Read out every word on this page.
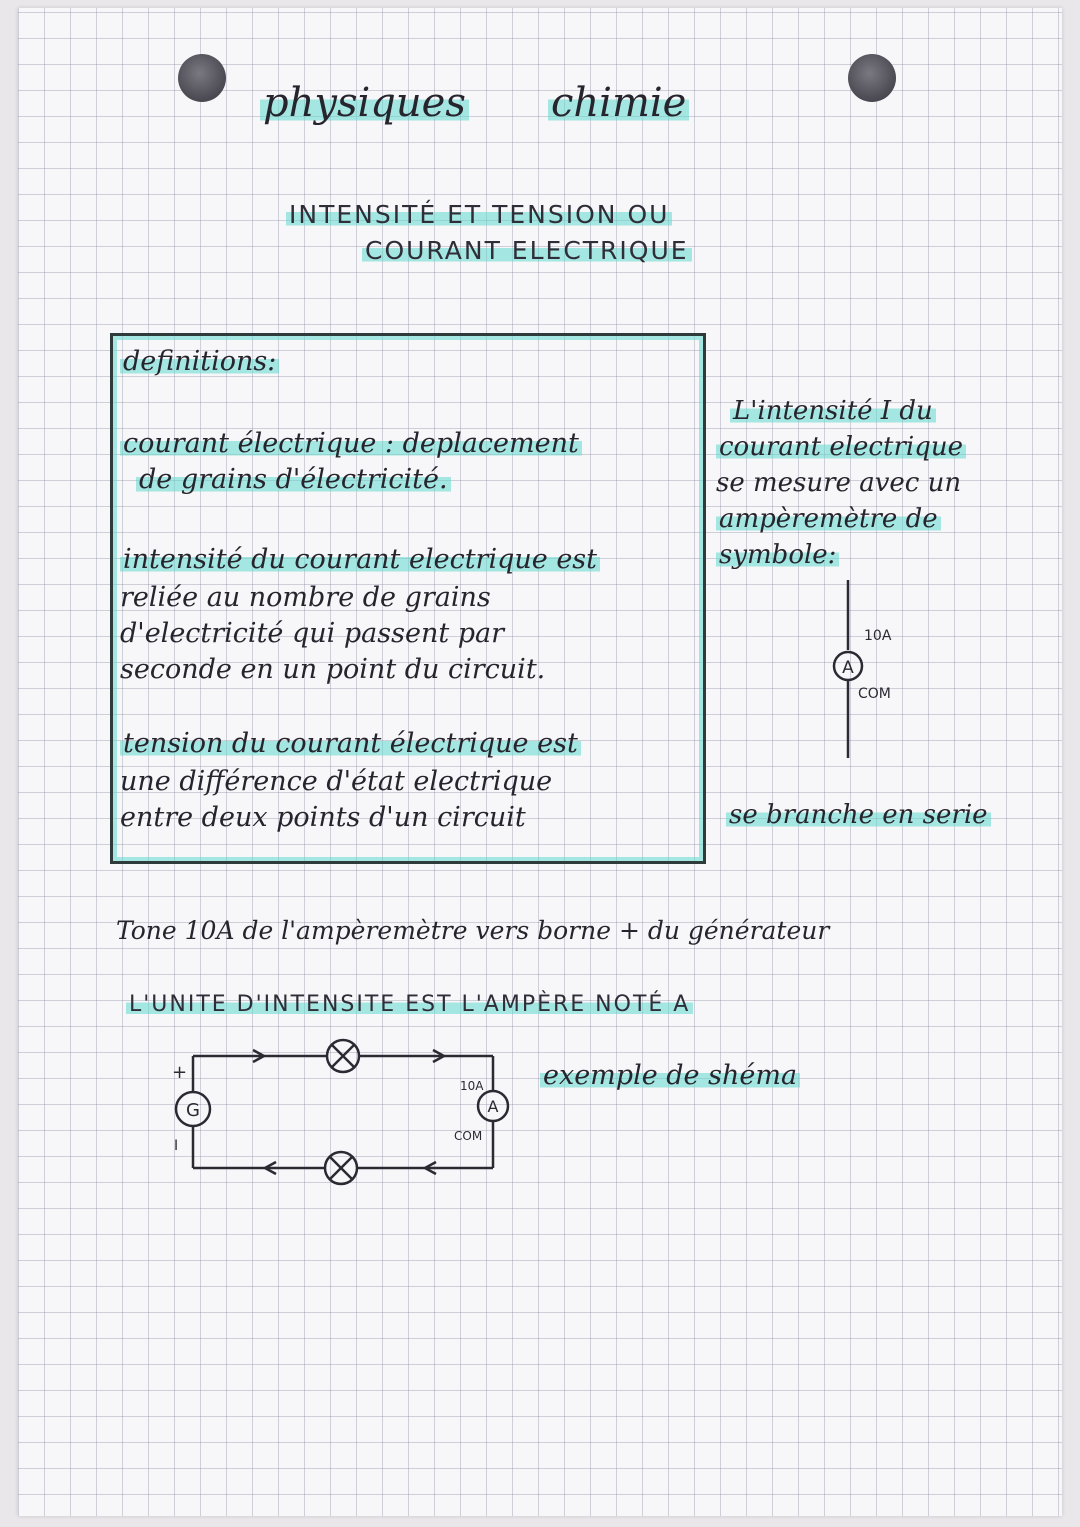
physiques chimie
INTENSITÉ ET TENSION OU
COURANT ELECTRIQUE
definitions:
courant électrique : deplacement
de grains d'électricité.
intensité du courant electrique est
reliée au nombre de grains
d'electricité qui passent par
seconde en un point du circuit.
tension du courant électrique est
une différence d'état electrique
entre deux points d'un circuit
L'intensité I du
courant electrique
se mesure avec un
ampèremètre de
symbole:
A
10A
COM
se branche en serie
Tone 10A de l'ampèremètre vers borne + du générateur
L'UNITE D'INTENSITE EST L'AMPÈRE NOTÉ A
G
+
I
A
10A
COM
exemple de shéma
